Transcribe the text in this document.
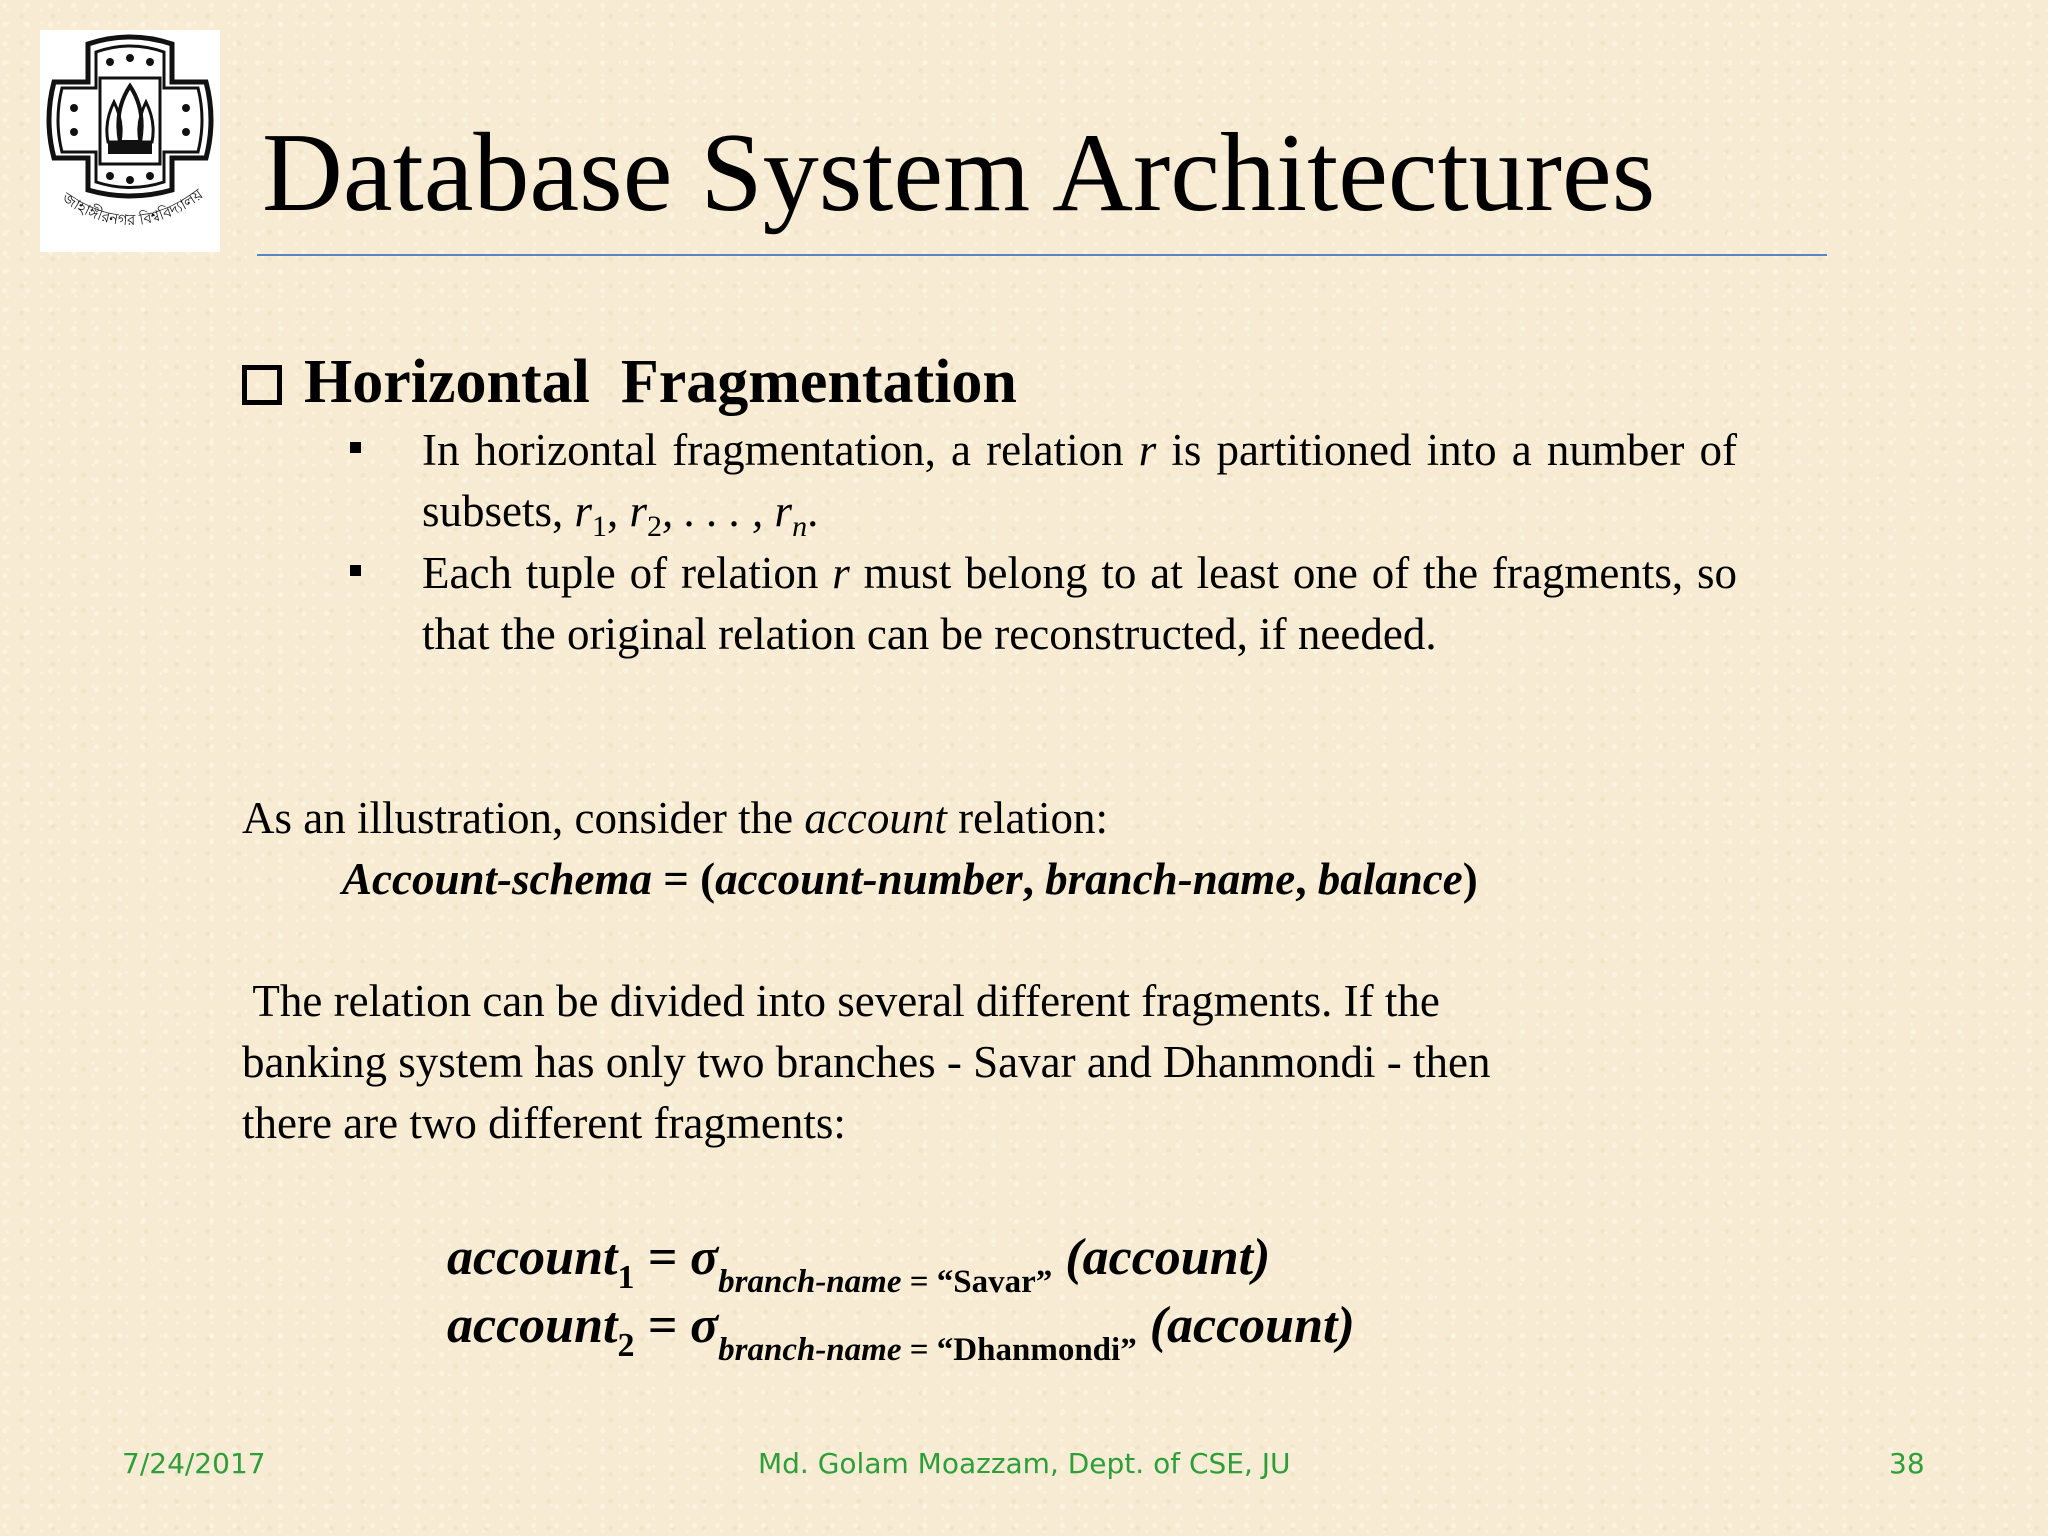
জাহাঙ্গীরনগর বিশ্ববিদ্যালয় Database System Architectures
Horizontal  Fragmentation
In horizontal fragmentation, a relation r is partitioned into a number of subsets, $r_1$, $r_2$, . . . , $r_n$.
Each tuple of relation r must belong to at least one of the fragments, so that the original relation can be reconstructed, if needed.
As an illustration, consider the account relation:
Account-schema = (account-number, branch-name, balance)
The relation can be divided into several different fragments. If the
banking system has only two branches - Savar and Dhanmondi - then
there are two different fragments:
account$_1$ = $\sigma_{branch-name = “Savar”}$ (account)
account$_2$ = $\sigma_{branch-name = “Dhanmondi”}$ (account)
7/24/2017	Md. Golam Moazzam, Dept. of CSE, JU	38
